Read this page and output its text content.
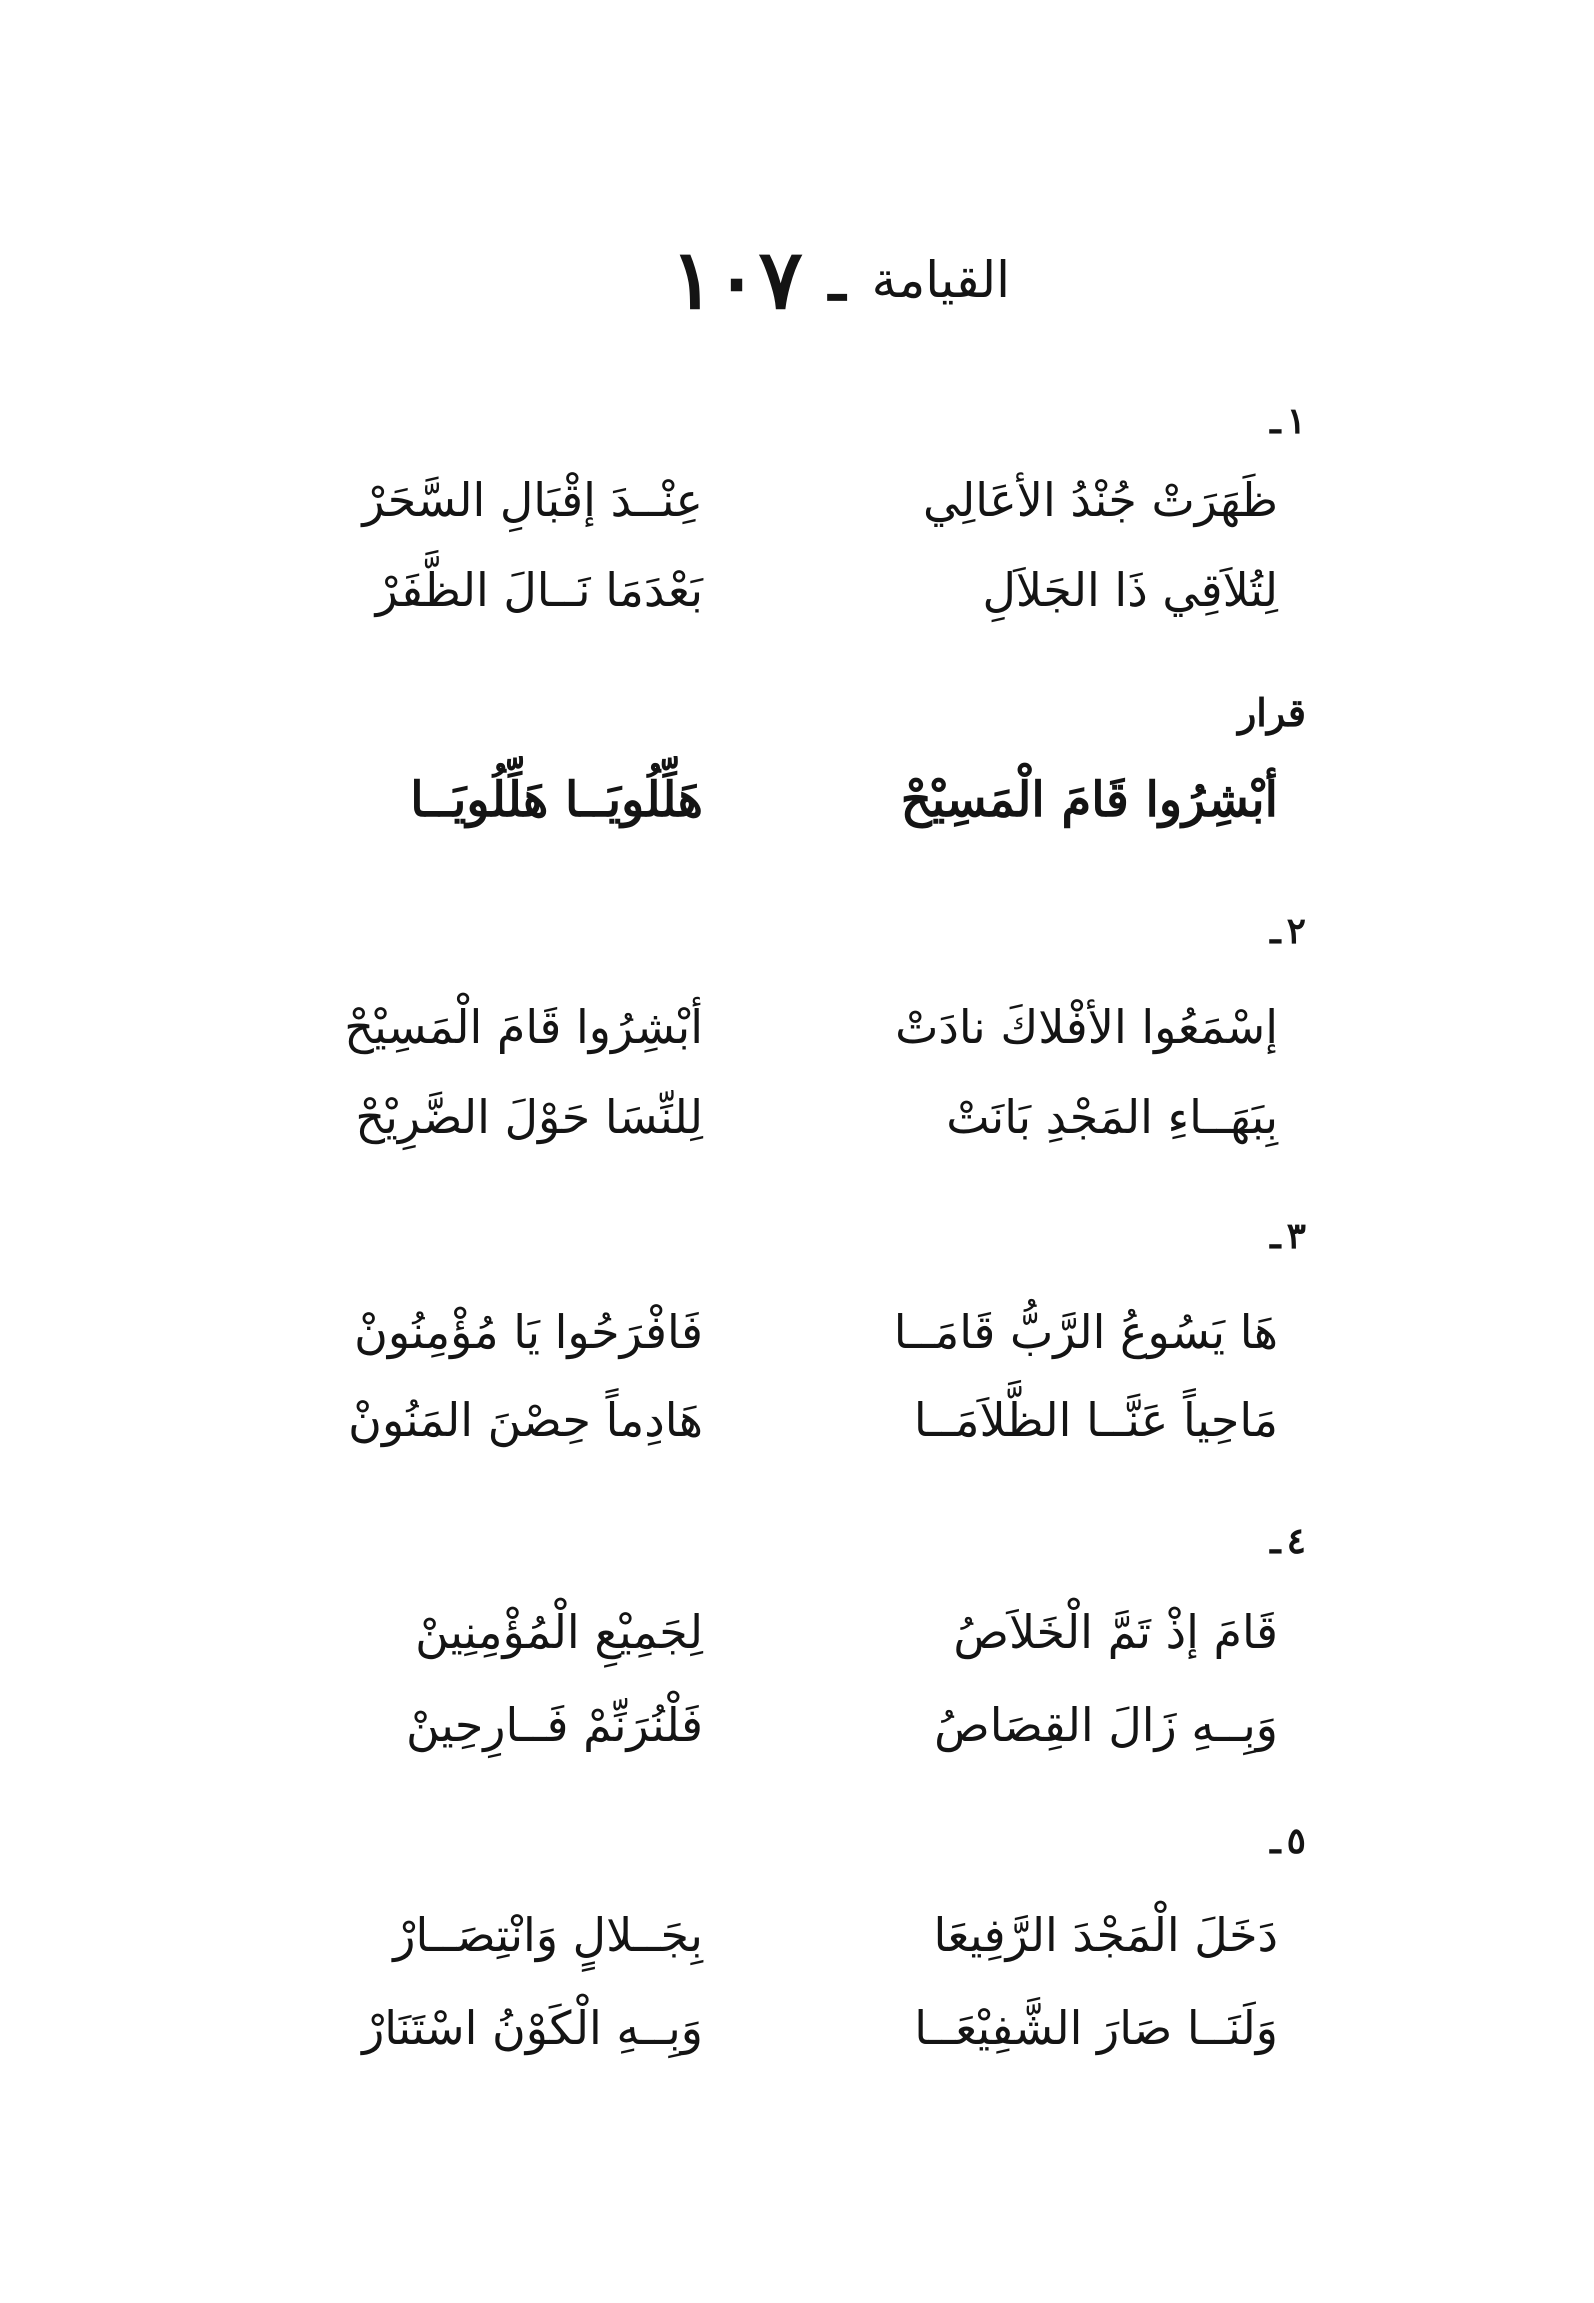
القيامة
ـ
١٠٧
١ـ
ظَهَرَتْ جُنْدُ الأعَالِي
عِنْــدَ إقْبَالِ السَّحَرْ
لِتُلاَقِي ذَا الجَلاَلِ
بَعْدَمَا نَــالَ الظَّفَرْ
قرار
أبْشِرُوا قَامَ الْمَسِيْحْ
هَلِّلُويَــا هَلِّلُويَــا
٢ـ
إسْمَعُوا الأفْلاكَ نادَتْ
أبْشِرُوا قَامَ الْمَسِيْحْ
بِبَهَــاءِ المَجْدِ بَانَتْ
لِلنِّسَا حَوْلَ الضَّرِيْحْ
٣ـ
هَا يَسُوعُ الرَّبُّ قَامَــا
فَافْرَحُوا يَا مُؤْمِنُونْ
مَاحِياً عَنَّــا الظَّلاَمَــا
هَادِماً حِصْنَ المَنُونْ
٤ـ
قَامَ إذْ تَمَّ الْخَلاَصُ
لِجَمِيْعِ الْمُؤْمِنِينْ
وَبِــهِ زَالَ القِصَاصُ
فَلْنُرَنِّمْ فَــارِحِينْ
٥ـ
دَخَلَ الْمَجْدَ الرَّفِيعَا
بِجَــلالٍ وَانْتِصَــارْ
وَلَنَــا صَارَ الشَّفِيْعَــا
وَبِــهِ الْكَوْنُ اسْتَنَارْ
